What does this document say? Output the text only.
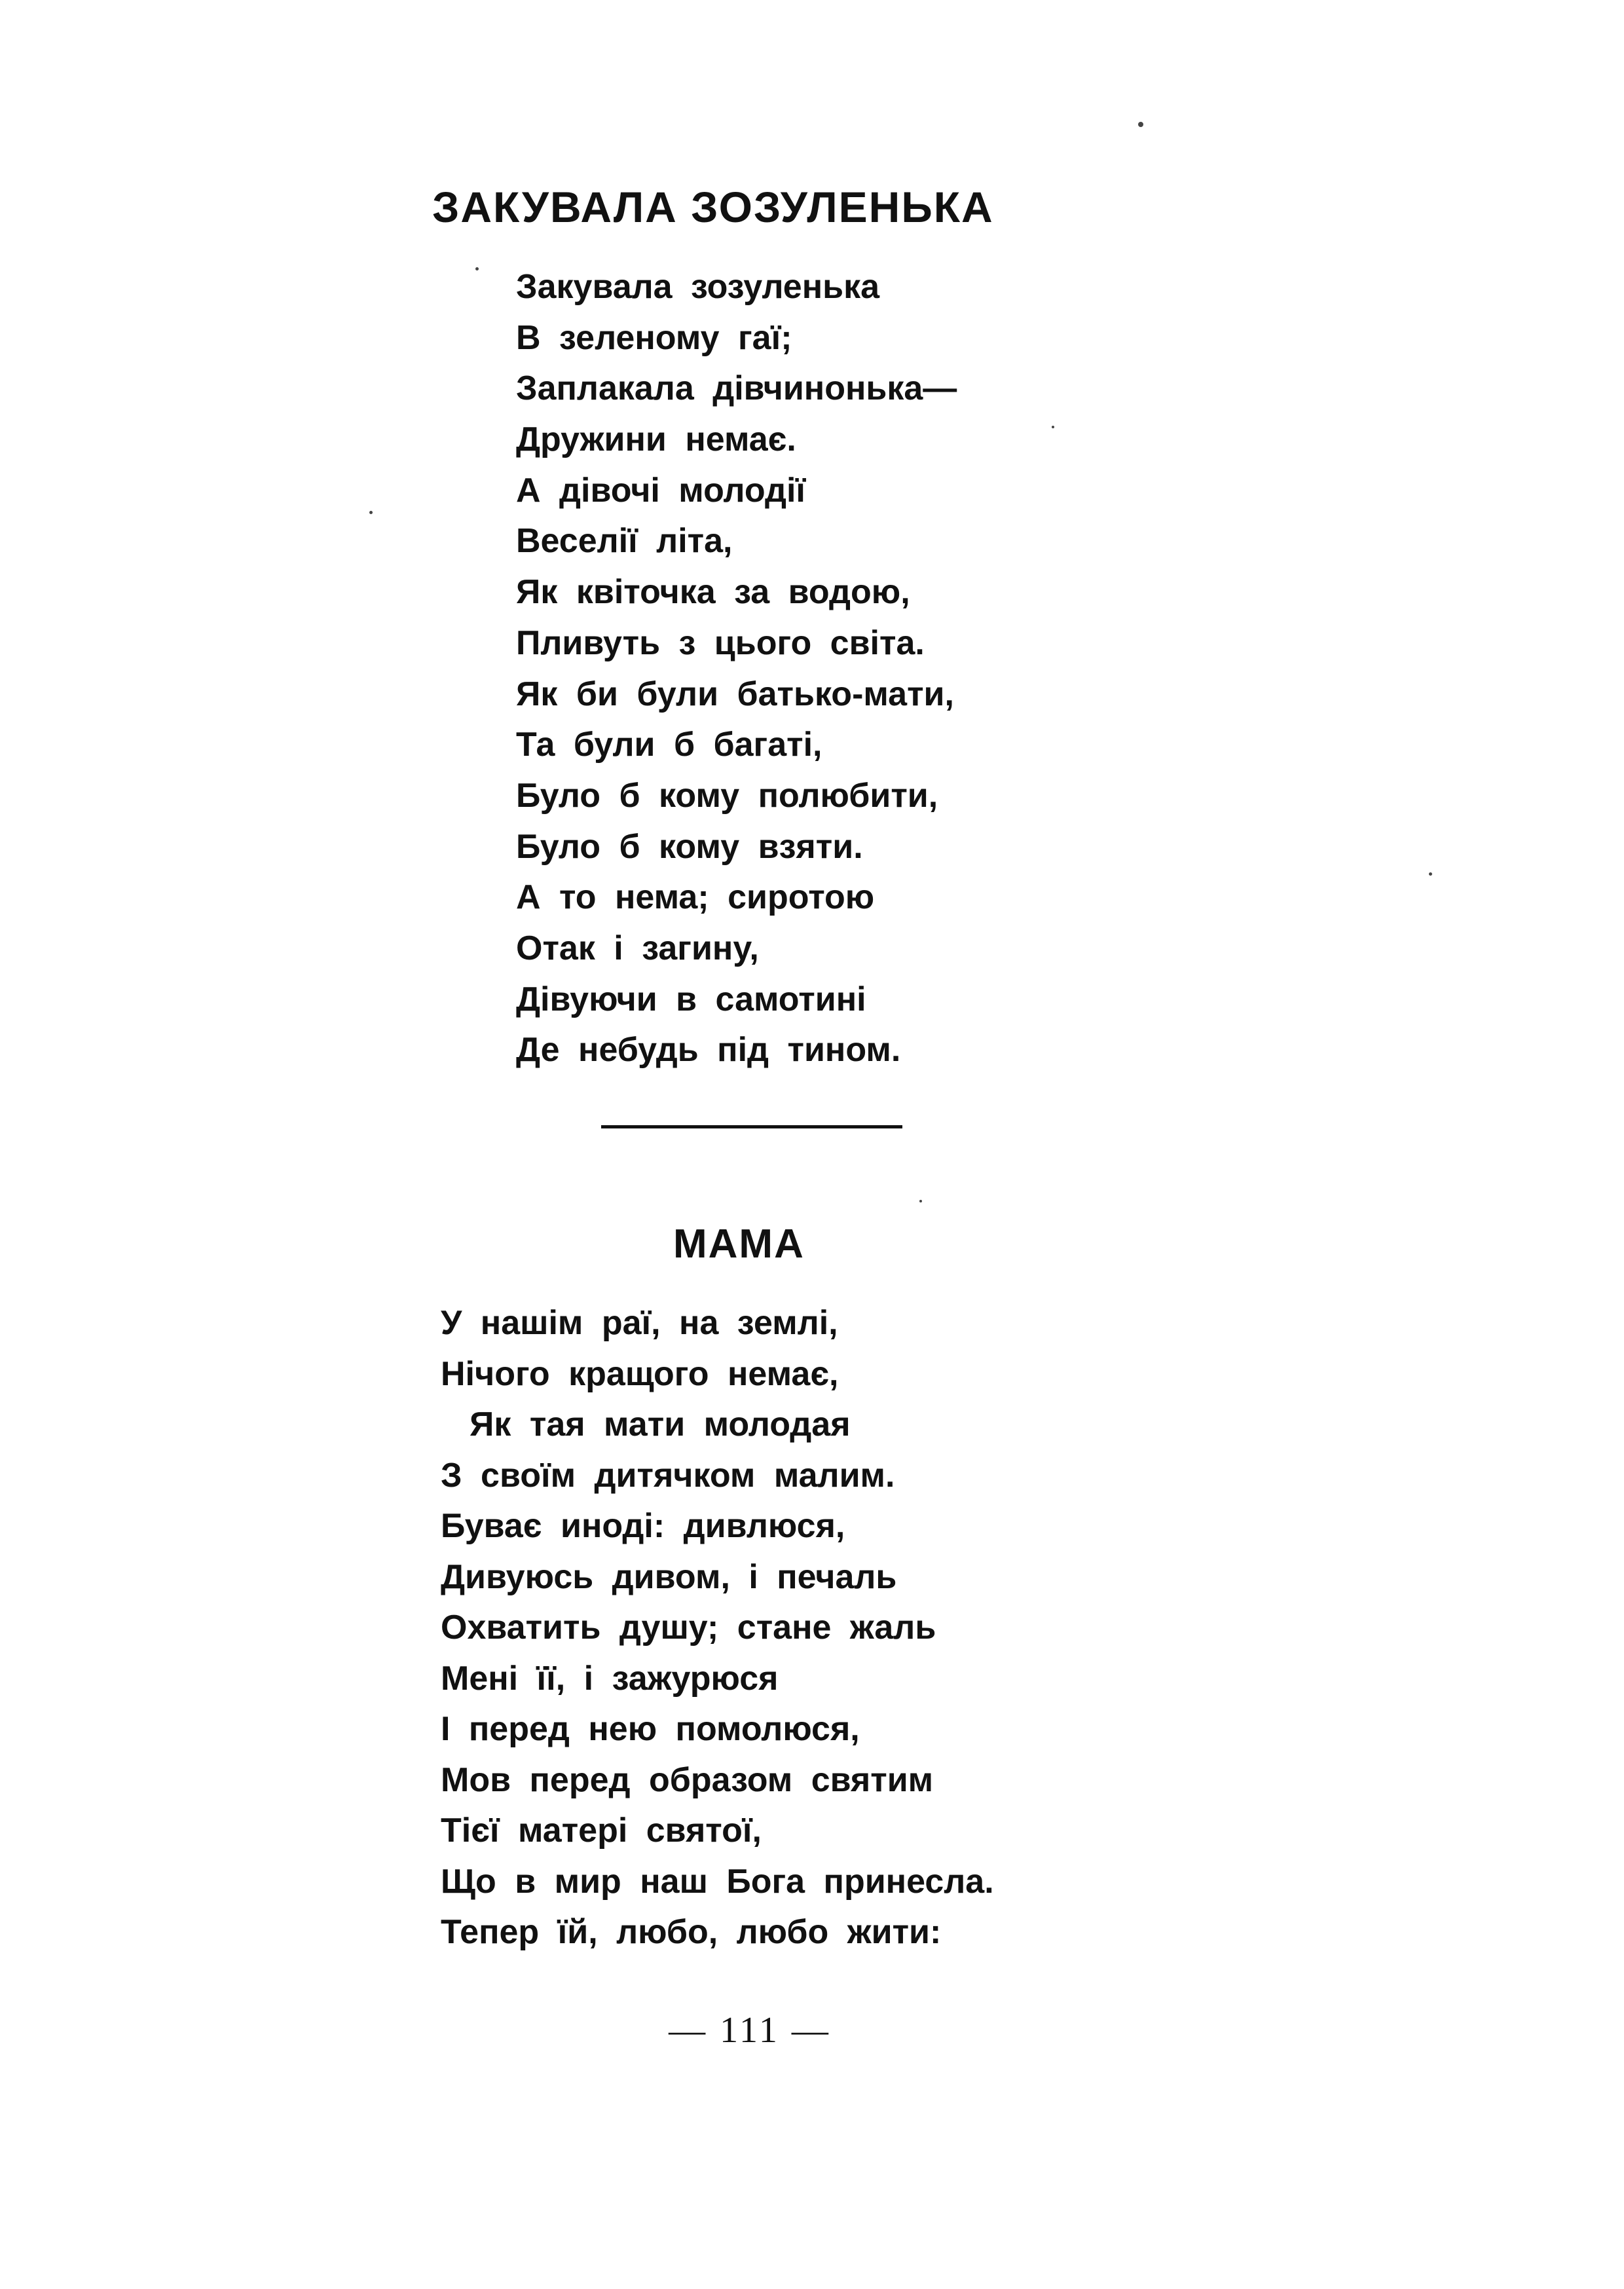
ЗАКУВАЛА ЗОЗУЛЕНЬКА
Закувала зозуленька
В зеленому гаї;
Заплакала дівчинонька—
Дружини немає.
А дівочі молодії
Веселії літа,
Як квіточка за водою,
Пливуть з цього світа.
Як би були батько-мати,
Та були б багаті,
Було б кому полюбити,
Було б кому взяти.
А то нема; сиротою
Отак і загину,
Дівуючи в самотині
Де небудь під тином.
МАМА
У нашім раї, на землі,
Нічого кращого немає,
Як тая мати молодая
З своїм дитячком малим.
Буває иноді: дивлюся,
Дивуюсь дивом, і печаль
Охватить душу; стане жаль
Мені її, і зажурюся
І перед нею помолюся,
Мов перед образом святим
Тієї матері святої,
Що в мир наш Бога принесла.
Тепер їй, любо, любо жити:
— 111 —
